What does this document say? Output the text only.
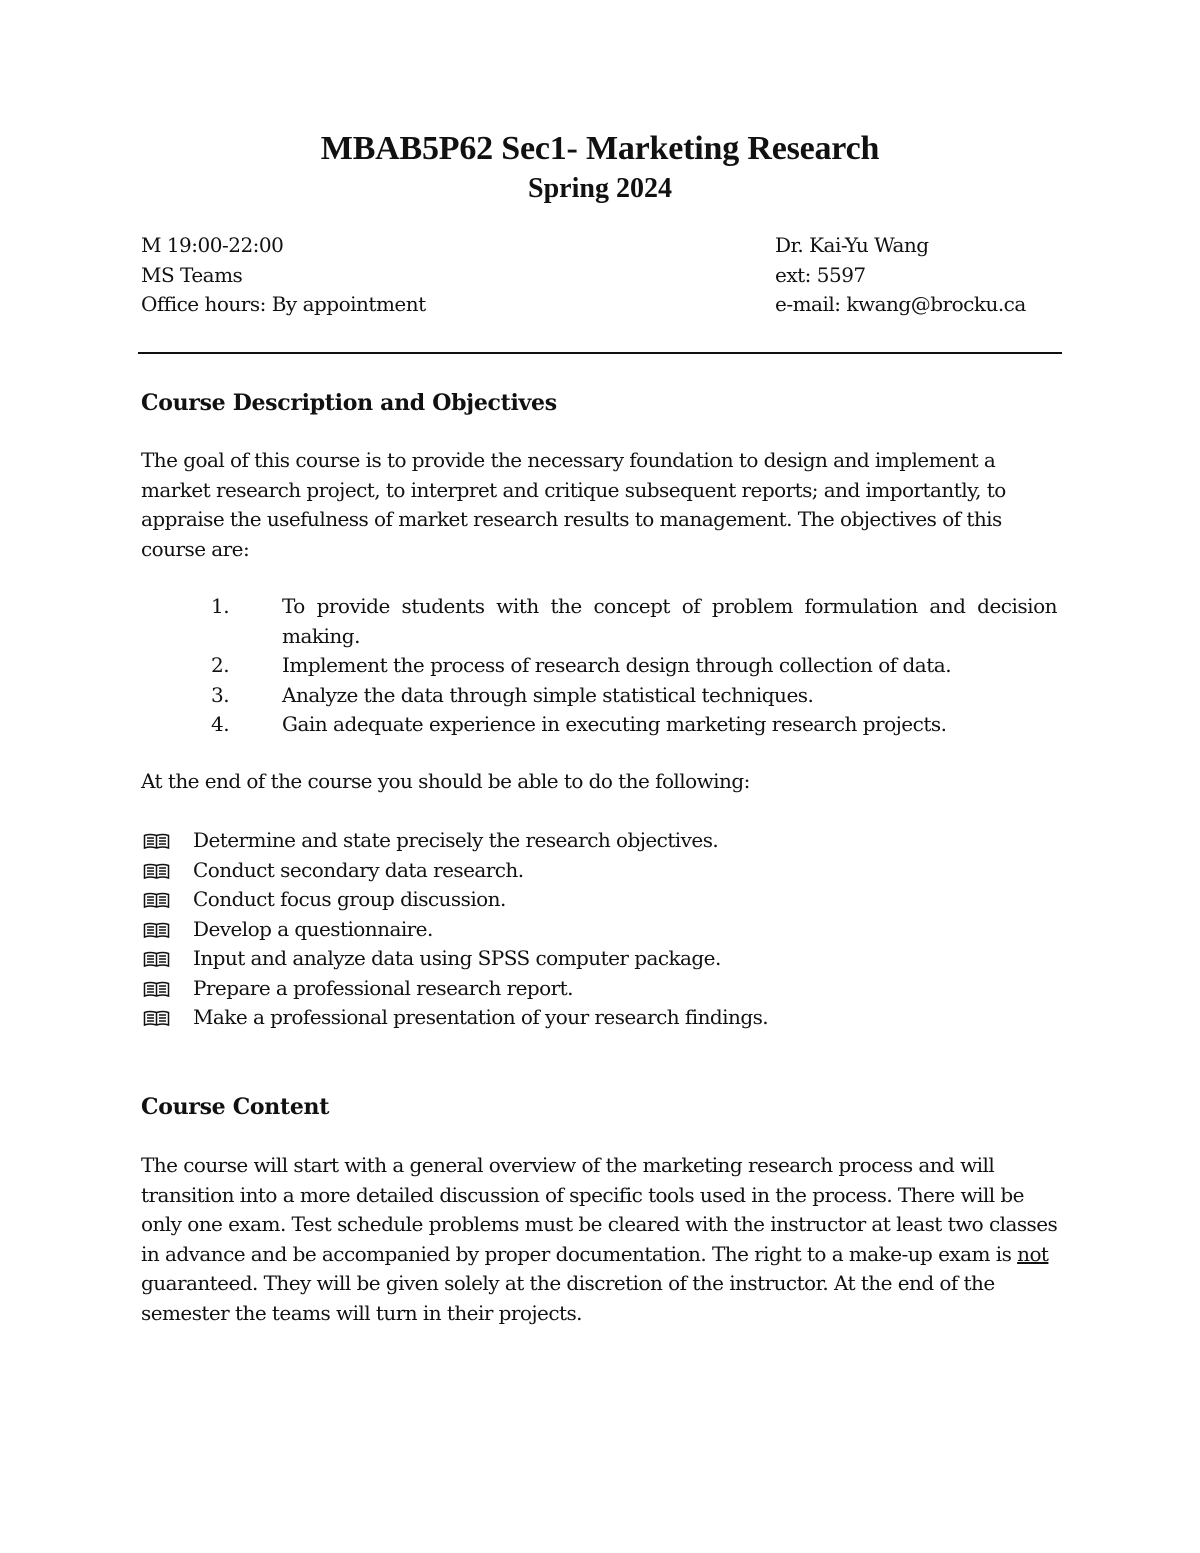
MBAB5P62 Sec1- Marketing Research
Spring 2024
M 19:00-22:00
MS Teams
Office hours: By appointment
Dr. Kai-Yu Wang
ext: 5597
e-mail: kwang@brocku.ca
Course Description and Objectives

The goal of this course is to provide the necessary foundation to design and implement a market research project, to interpret and critique subsequent reports; and importantly, to appraise the usefulness of market research results to management. The objectives of this course are:

1.	To provide students with the concept of problem formulation and decision making.
2.	Implement the process of research design through collection of data.
3.	Analyze the data through simple statistical techniques.
4.	Gain adequate experience in executing marketing research projects.

At the end of the course you should be able to do the following:

Determine and state precisely the research objectives.
Conduct secondary data research.
Conduct focus group discussion.
Develop a questionnaire.
Input and analyze data using SPSS computer package.
Prepare a professional research report.
Make a professional presentation of your research findings.
Course Content

The course will start with a general overview of the marketing research process and will transition into a more detailed discussion of specific tools used in the process. There will be only one exam. Test schedule problems must be cleared with the instructor at least two classes in advance and be accompanied by proper documentation. The right to a make-up exam is not guaranteed. They will be given solely at the discretion of the instructor. At the end of the semester the teams will turn in their projects.
